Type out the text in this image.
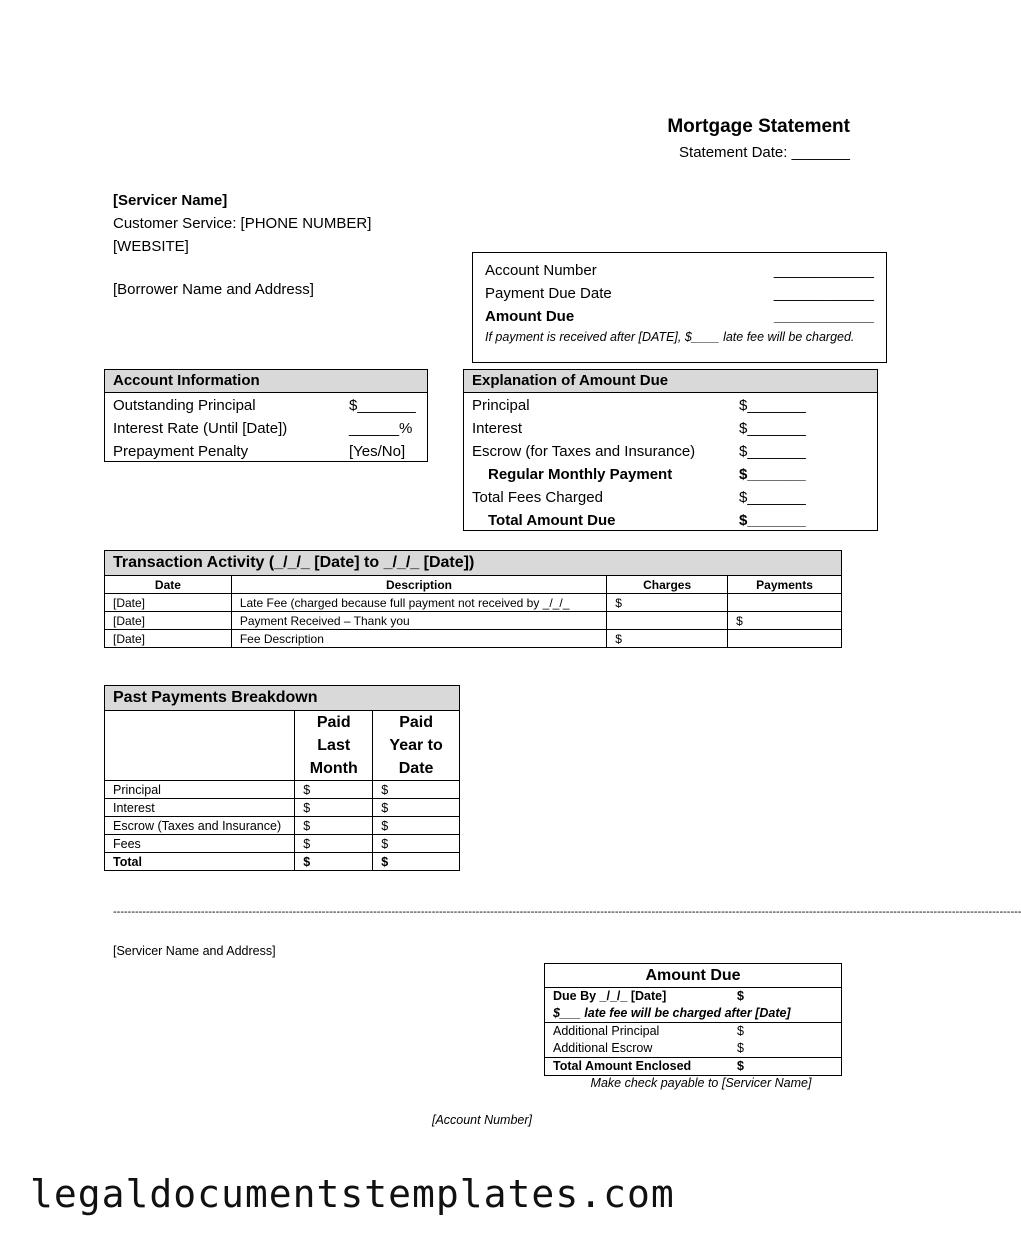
Mortgage Statement
Statement Date: _______
[Servicer Name]
Customer Service: [PHONE NUMBER]
[WEBSITE]
[Borrower Name and Address]
Account Number	____________
Payment Due Date	____________
Amount Due	____________
If payment is received after [DATE], $____ late fee will be charged.
Account Information
Outstanding Principal	$_______
Interest Rate (Until [Date])	______%
Prepayment Penalty	[Yes/No]
Explanation of Amount Due
Principal	$_______
Interest	$_______
Escrow (for Taxes and Insurance)	$_______
Regular Monthly Payment	$_______
Total Fees Charged	$_______
Total Amount Due	$_______
Transaction Activity (_/_/_ [Date] to _/_/_ [Date])
Date	Description	Charges	Payments
[Date]	Late Fee (charged because full payment not received by _/_/_	$	
[Date]	Payment Received – Thank you		$
[Date]	Fee Description	$	
Past Payments Breakdown
	Paid Last Month	Paid Year to Date
Principal	$	$
Interest	$	$
Escrow (Taxes and Insurance)	$	$
Fees	$	$
Total	$	$
--------------------------------------------------------------------------------------------------------------------------------------------------------------------------------------------------------------------------------------------------------
[Servicer Name and Address]
Amount Due
Due By _/_/_ [Date]	$
$___ late fee will be charged after [Date]
Additional Principal	$
Additional Escrow	$
Total Amount Enclosed	$
Make check payable to [Servicer Name]
[Account Number]
legaldocumentstemplates.com
